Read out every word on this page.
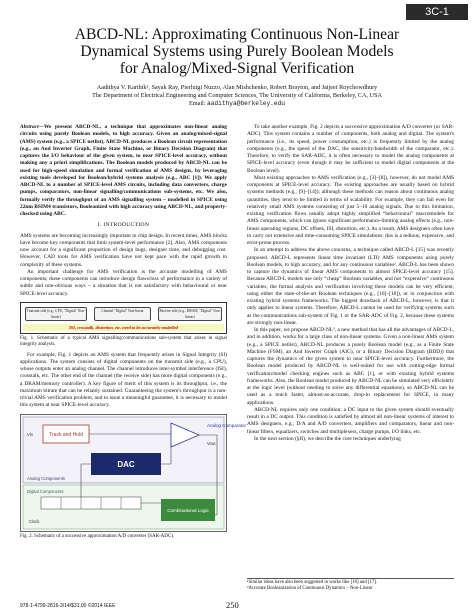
3C-1
ABCD-NL: Approximating Continuous Non-Linear
Dynamical Systems using Purely Boolean Models
for Analog/Mixed-Signal Verification
Aadithya V. Karthik¹, Sayak Ray, Pierluigi Nuzzo, Alan Mishchenko, Robert Brayton, and Jaijeet Roychowdhury
The Department of Electrical Engineering and Computer Sciences, The University of California, Berkeley, CA, USA
Email: aadithya@berkeley.edu

Abstract—We present ABCD-NL, a technique that approximates non-linear analog circuits using purely Boolean models, to high accuracy. Given an analog/mixed-signal (AMS) system (e.g., a SPICE netlist), ABCD-NL produces a Boolean circuit representation (e.g., an And Inverter Graph, Finite State Machine, or Binary Decision Diagram) that captures the I/O behaviour of the given system, to near SPICE-level accuracy, without making any a priori simplifications. The Boolean models produced by ABCD-NL can be used for high-speed simulation and formal verification of AMS designs, by leveraging existing tools developed for Boolean/hybrid systems analysis (e.g., ABC [1]). We apply ABCD-NL to a number of SPICE-level AMS circuits, including data converters, charge pumps, comparators, non-linear signalling/communications sub-systems, etc. We also, formally verify the throughput of an AMS signalling system – modelled in SPICE using 22nm BSIM4 transistors, Booleanized with high accuracy using ABCD-NL, and property-checked using ABC.

I. INTRODUCTION

AMS systems are becoming increasingly important in chip design. In recent times, AMS blocks have become key components that limit system-level performance [2]. Also, AMS components now account for a significant proportion of design bugs, designer time, and debugging cost. However, CAD tools for AMS verification have not kept pace with the rapid growth in complexity of these systems.

An important challenge for AMS verification is the accurate modelling of AMS components; these components can introduce design flaws/loss of performance in a variety of subtle and non-obvious ways – a situation that is not satisfactory with behavioural or near SPICE-level accuracy.

Transmit side (e.g., CPU, "Digital" Non-linear)
Channel "Digital" Non-linear	Receive side (e.g., DRAM, "Digital" Non-linear)
ISI, crosstalk, distortion, etc. need to be accurately modelled
Fig. 1. Schematic of a typical AMS signalling/communications sub-system that arises in signal integrity analysis.

For example, Fig. 1 depicts an AMS system that frequently arises in Signal Integrity (SI) applications. The system consists of digital components on the transmit side (e.g., a CPU), whose outputs enter an analog channel. The channel introduces inter-symbol interference (ISI), crosstalk, etc. The other end of the channel (the receive side) has more digital components (e.g., a DRAM/memory controller). A key figure of merit of this system is its throughput, i.e., the maximum bitrate that can be reliably sustained. Guaranteeing the system's throughput is a non-trivial AMS verification problem, and to issue a meaningful guarantee, it is necessary to model this system at near SPICE-level accuracy.

Track and Hold
Analog Comparator
DAC
Analog Components
Digital Components
Combinational Logic
Clock
Vin
Vout
Fig. 2. Schematic of a successive approximation A/D converter (SAR-ADC).

To take another example, Fig. 2 depicts a successive approximation A/D converter (or SAR-ADC). This system contains a number of components, both analog and digital. The system's performance (i.e., its speed, power consumption, etc.) is frequently limited by the analog components (e.g., the speed of the DAC, the sensitivity/bandwidth of the comparator, etc.). Therefore, to verify the SAR-ADC, it is often necessary to model the analog components at SPICE-level accuracy (even though it may be sufficient to model digital components at the Boolean level).

Most existing approaches to AMS verification (e.g., [3]–[8]), however, do not model AMS components at SPICE-level accuracy. The existing approaches are usually based on hybrid systems methods (e.g., [9]–[14]); although these methods can reason about continuous analog quantities, they tend to be limited in terms of scalability. For example, they can fail even for relatively small AMS systems consisting of just 5–10 analog signals. Due to this limitation, existing verification flows usually adopt highly simplified “behavioural” macromodels for AMS components, which can ignore significant performance-limiting analog effects (e.g., non-linear operating regions, DC offsets, ISI, distortion, etc.). As a result, AMS designers often have to carry out extensive and time-consuming SPICE simulations; this is a tedious, expensive, and error-prone process.

In an attempt to address the above concerns, a technique called ABCD-L [15] was recently proposed. ABCD-L represents linear time invariant (LTI) AMS components using purely Boolean models, to high accuracy, and for any continuous variables². ABCD-L has been shown to capture the dynamics of linear AMS components to almost SPICE-level accuracy [15]. Because ABCD-L models use only “cheap” Boolean variables, and not “expensive” continuous variables, the formal analysis and verification involving these models can be very efficient, using either the state-of-the-art Boolean techniques (e.g., [16]–[18]), or in conjunction with existing hybrid systems frameworks. The biggest drawback of ABCD-L, however, is that it only applies to linear systems. Therefore, ABCD-L cannot be used for verifying systems such as the communications sub-system of Fig. 1 or the SAR-ADC of Fig. 2, because these systems are strongly non-linear.

In this paper, we propose ABCD-NL², a new method that has all the advantages of ABCD-L, and in addition, works for a large class of non-linear systems. Given a non-linear AMS system (e.g., a SPICE netlist), ABCD-NL produces a purely Boolean model (e.g., as a Finite State Machine (FSM), an And Inverter Graph (AIG), or a Binary Decision Diagram (BDD)) that captures the dynamics of the given system to near SPICE-level accuracy. Furthermore, the Boolean model produced by ABCD-NL is well-suited for use with cutting-edge formal verification/model checking engines such as ABC [1], or with existing hybrid systems frameworks. Also, the Boolean model produced by ABCD-NL can be simulated very efficiently at the logic level (without needing to solve any differential equations), so ABCD-NL can be used as a much faster, almost-as-accurate, drop-in replacement for SPICE, in many applications.

ABCD-NL requires only one condition: a DC input to the given system should eventually result in a DC output. This condition is satisfied by almost all non-linear systems of interest to AMS designers, e.g., D/A and A/D converters, amplifiers and comparators, linear and non-linear filters, equalizers, switches and multiplexers, charge pumps, I/O links, etc.

In the next section (§II), we describe the core techniques underlying

¹Similar ideas have also been suggested in works like [16] and [17].
²Accurate Booleanization of Continuous Dynamics – Non-Linear
978-1-4799-2816-3/14/$31.00 ©2014 IEEE	250
